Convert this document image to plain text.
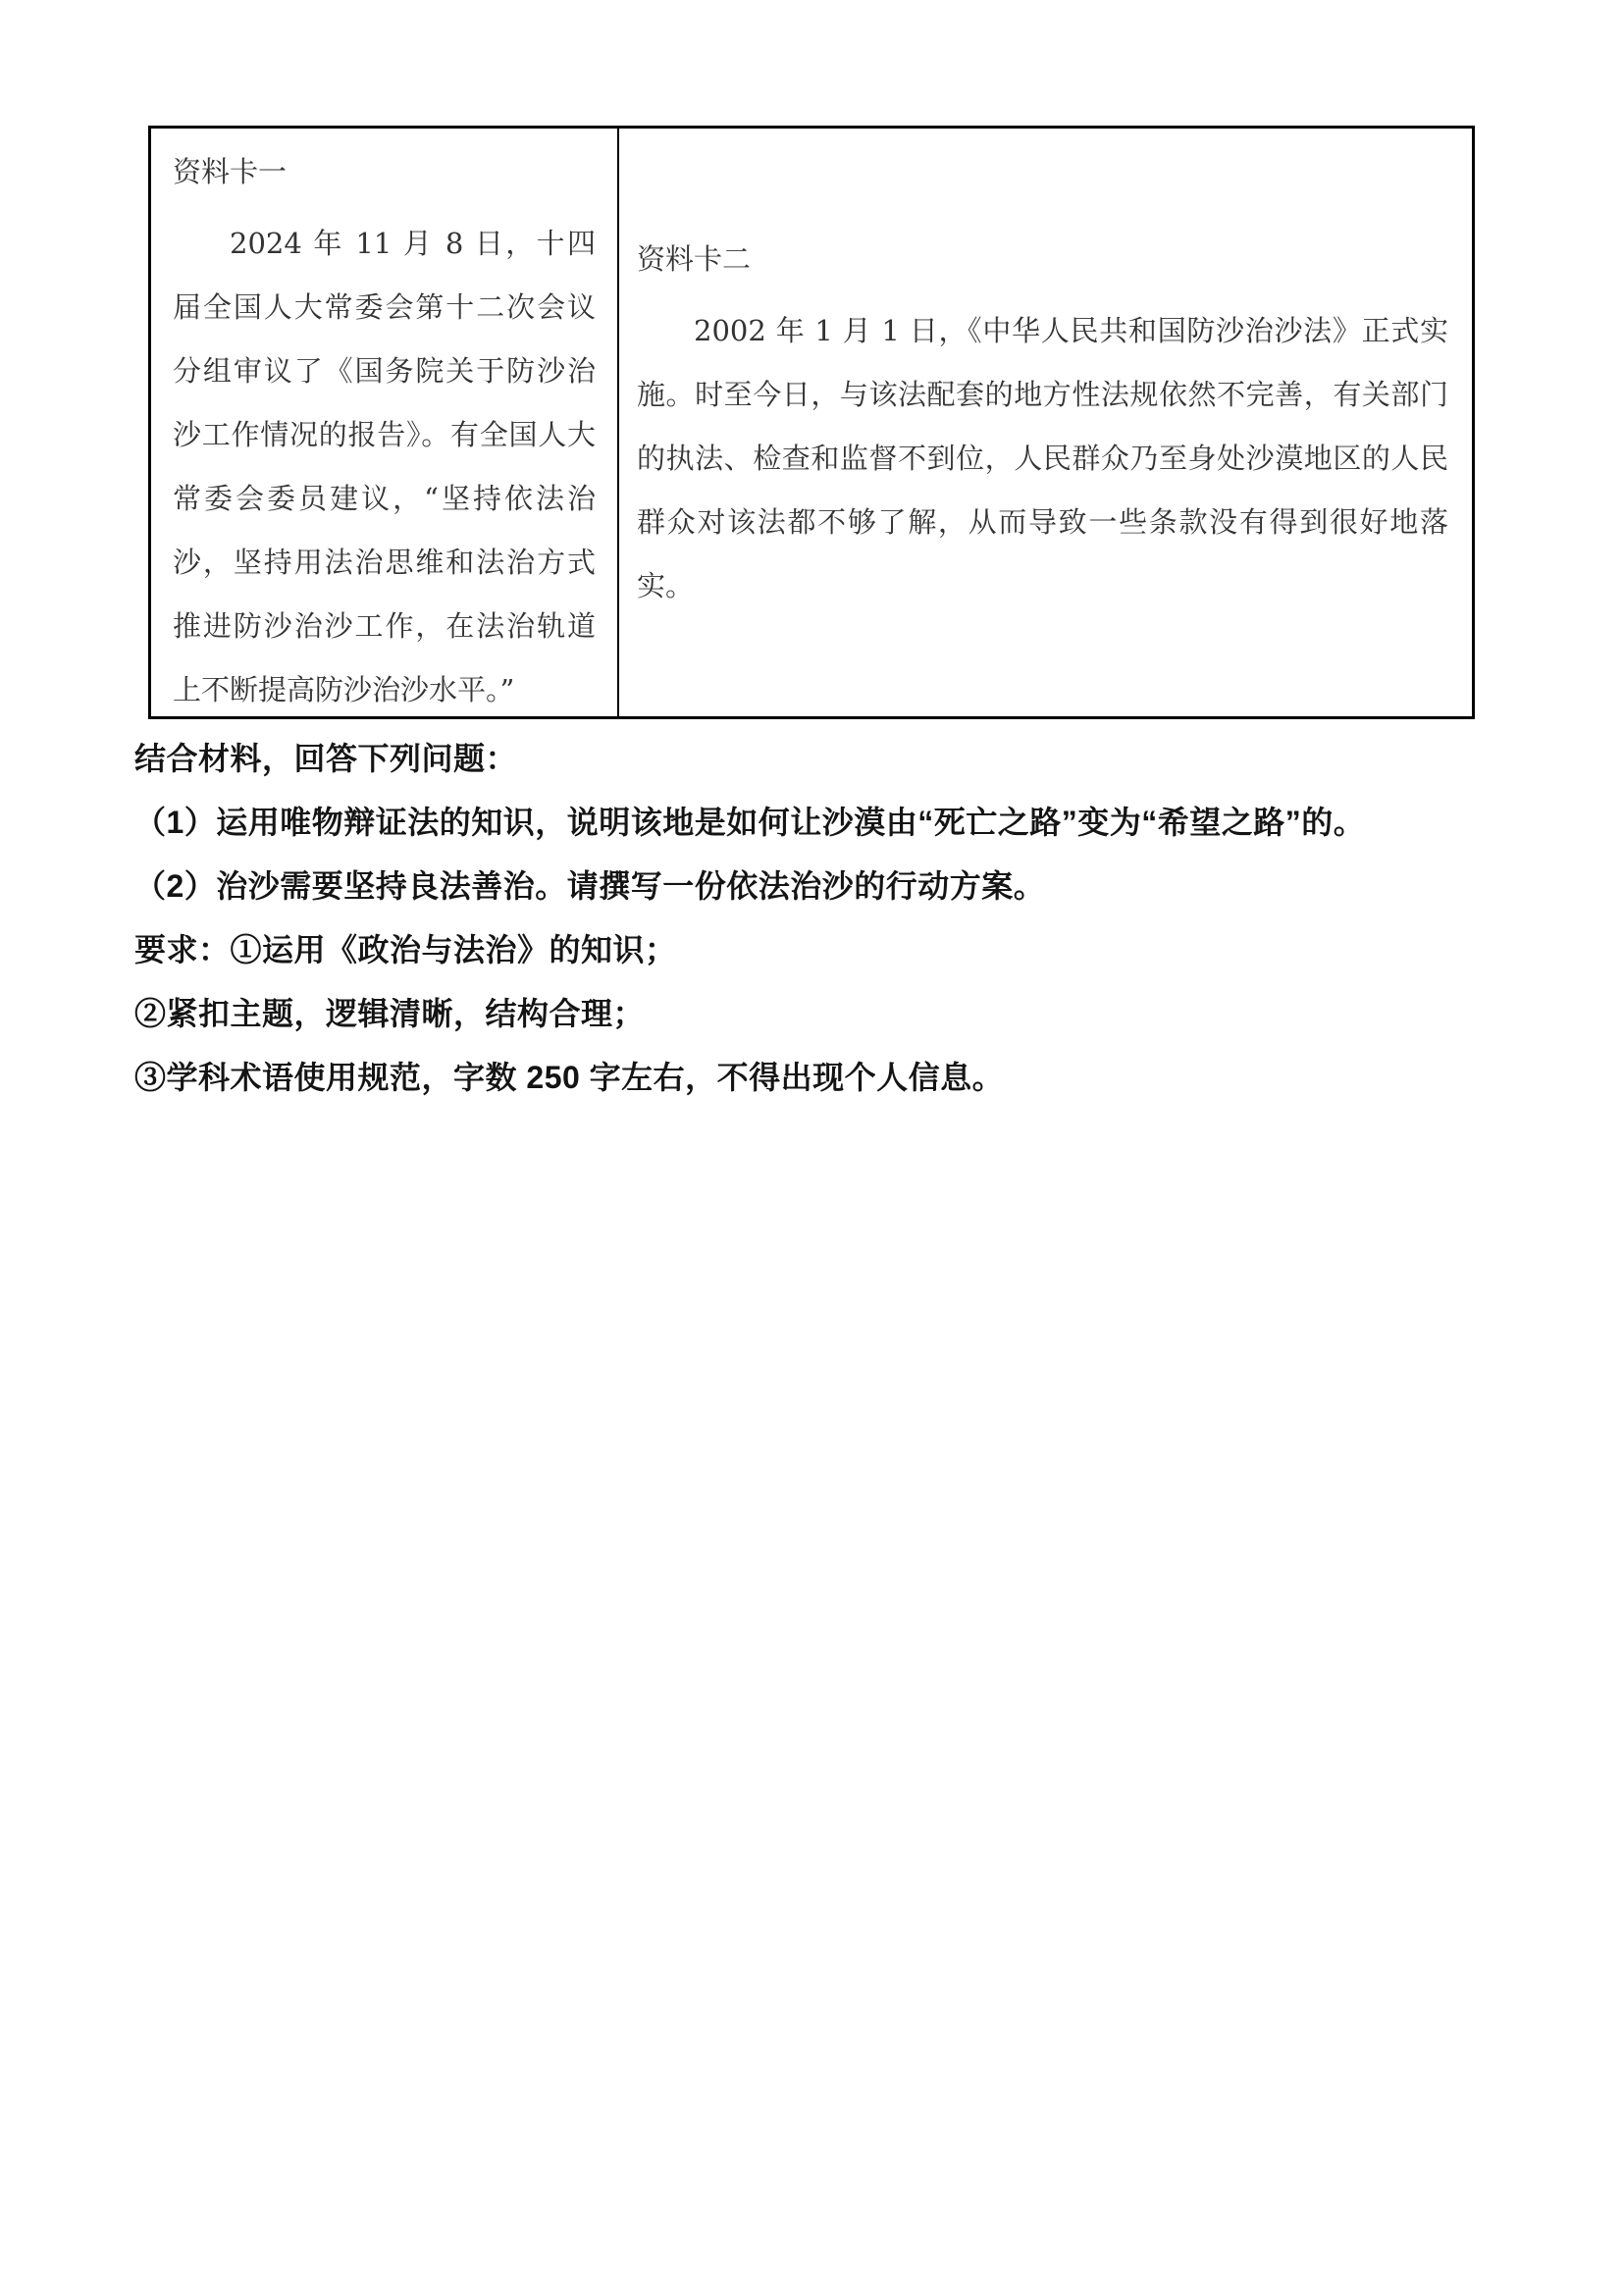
资料卡一
2024 年 11 月 8 日，十四届全国人大常委会第十二次会议分组审议了《国务院关于防沙治沙工作情况的报告》。有全国人大常委会委员建议，“坚持依法治沙，坚持用法治思维和法治方式推进防沙治沙工作，在法治轨道上不断提高防沙治沙水平。”
资料卡二
2002 年 1 月 1 日，《中华人民共和国防沙治沙法》正式实施。时至今日，与该法配套的地方性法规依然不完善，有关部门的执法、检查和监督不到位，人民群众乃至身处沙漠地区的人民群众对该法都不够了解，从而导致一些条款没有得到很好地落实。
结合材料，回答下列问题：
（1）运用唯物辩证法的知识，说明该地是如何让沙漠由“死亡之路”变为“希望之路”的。
（2）治沙需要坚持良法善治。请撰写一份依法治沙的行动方案。
要求：①运用《政治与法治》的知识；
②紧扣主题，逻辑清晰，结构合理；
③学科术语使用规范，字数 250 字左右，不得出现个人信息。
